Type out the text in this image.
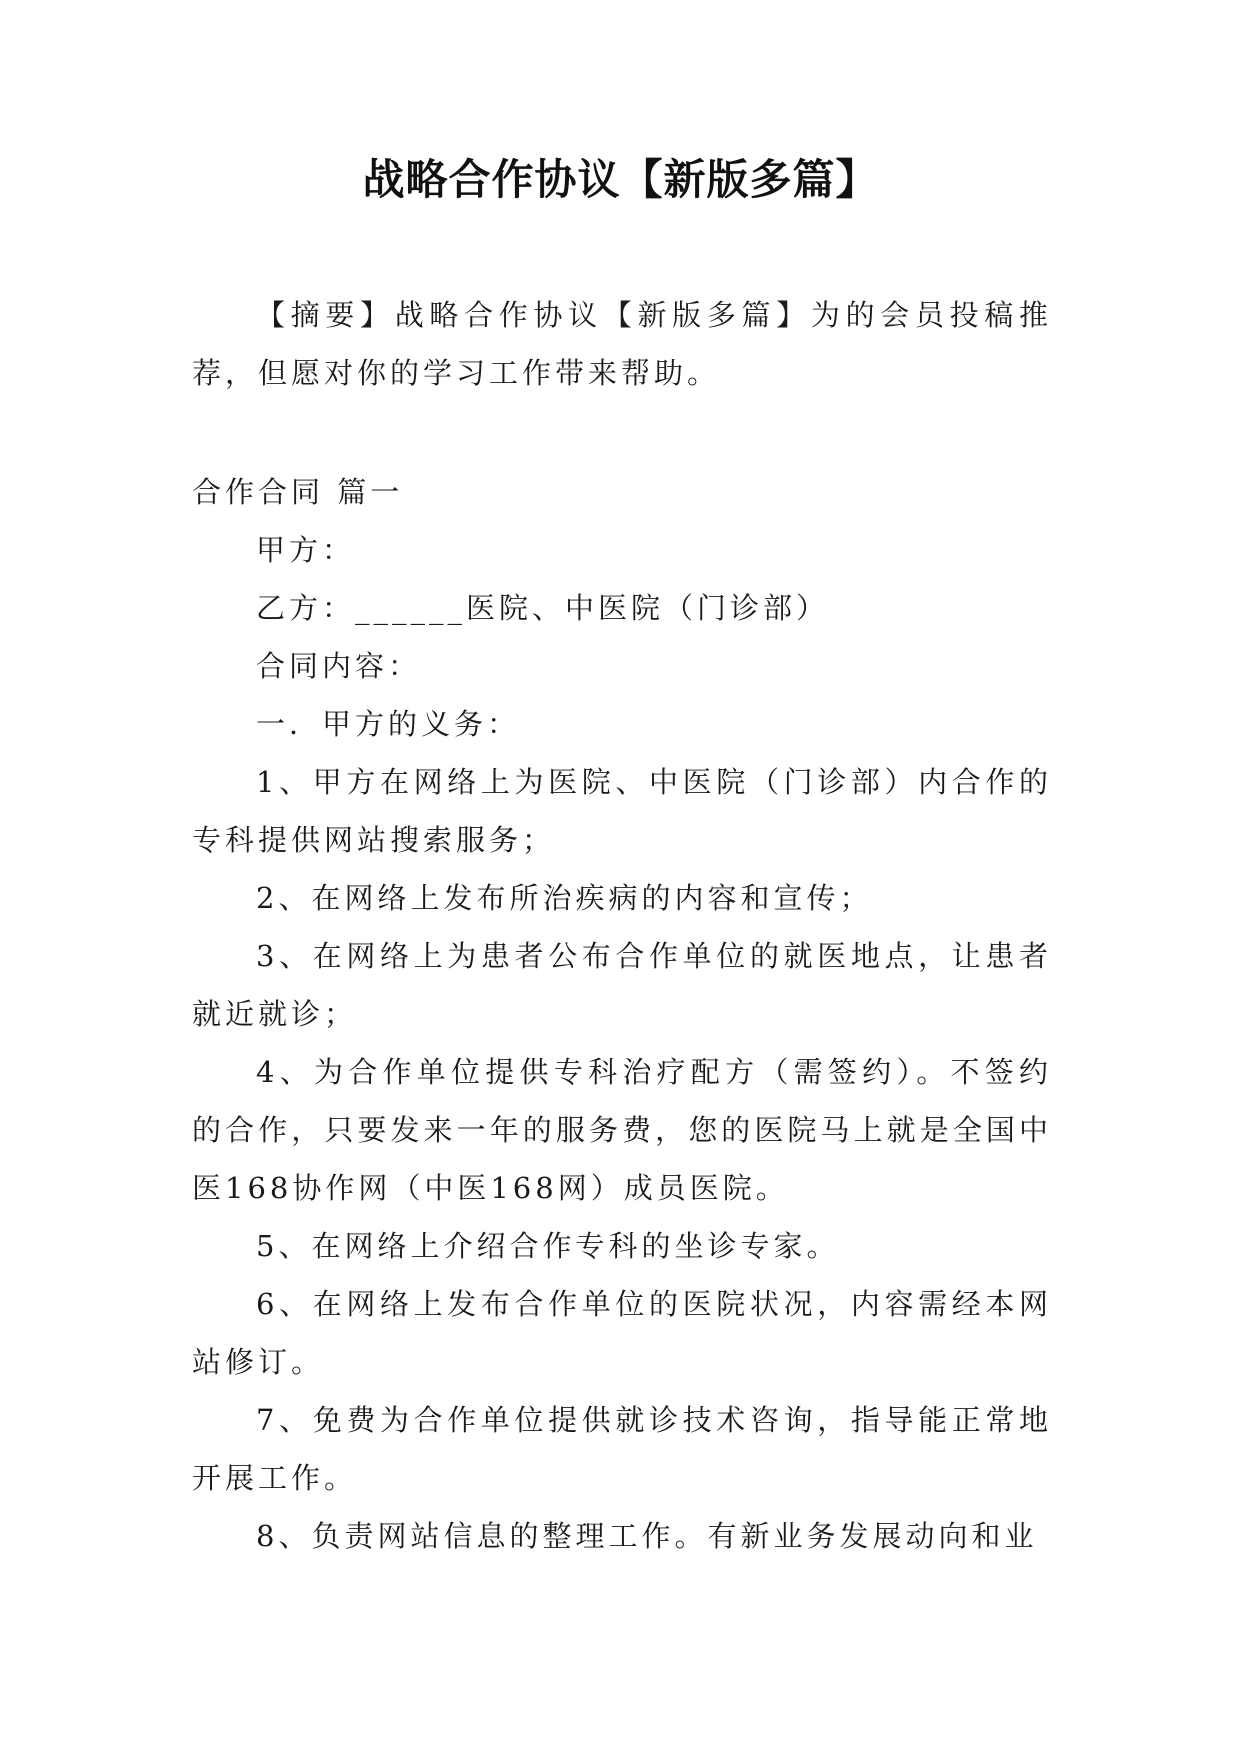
战略合作协议【新版多篇】

【摘要】战略合作协议【新版多篇】为的会员投稿推荐，但愿对你的学习工作带来帮助。

合作合同 篇一

甲方：

乙方：______医院、中医院（门诊部）

合同内容：

一．甲方的义务：

1、甲方在网络上为医院、中医院（门诊部）内合作的专科提供网站搜索服务；

2、在网络上发布所治疾病的内容和宣传；

3、在网络上为患者公布合作单位的就医地点，让患者就近就诊；

4、为合作单位提供专科治疗配方（需签约）。不签约的合作，只要发来一年的服务费，您的医院马上就是全国中医168协作网（中医168网）成员医院。

5、在网络上介绍合作专科的坐诊专家。

6、在网络上发布合作单位的医院状况，内容需经本网站修订。

7、免费为合作单位提供就诊技术咨询，指导能正常地开展工作。

8、负责网站信息的整理工作。有新业务发展动向和业
